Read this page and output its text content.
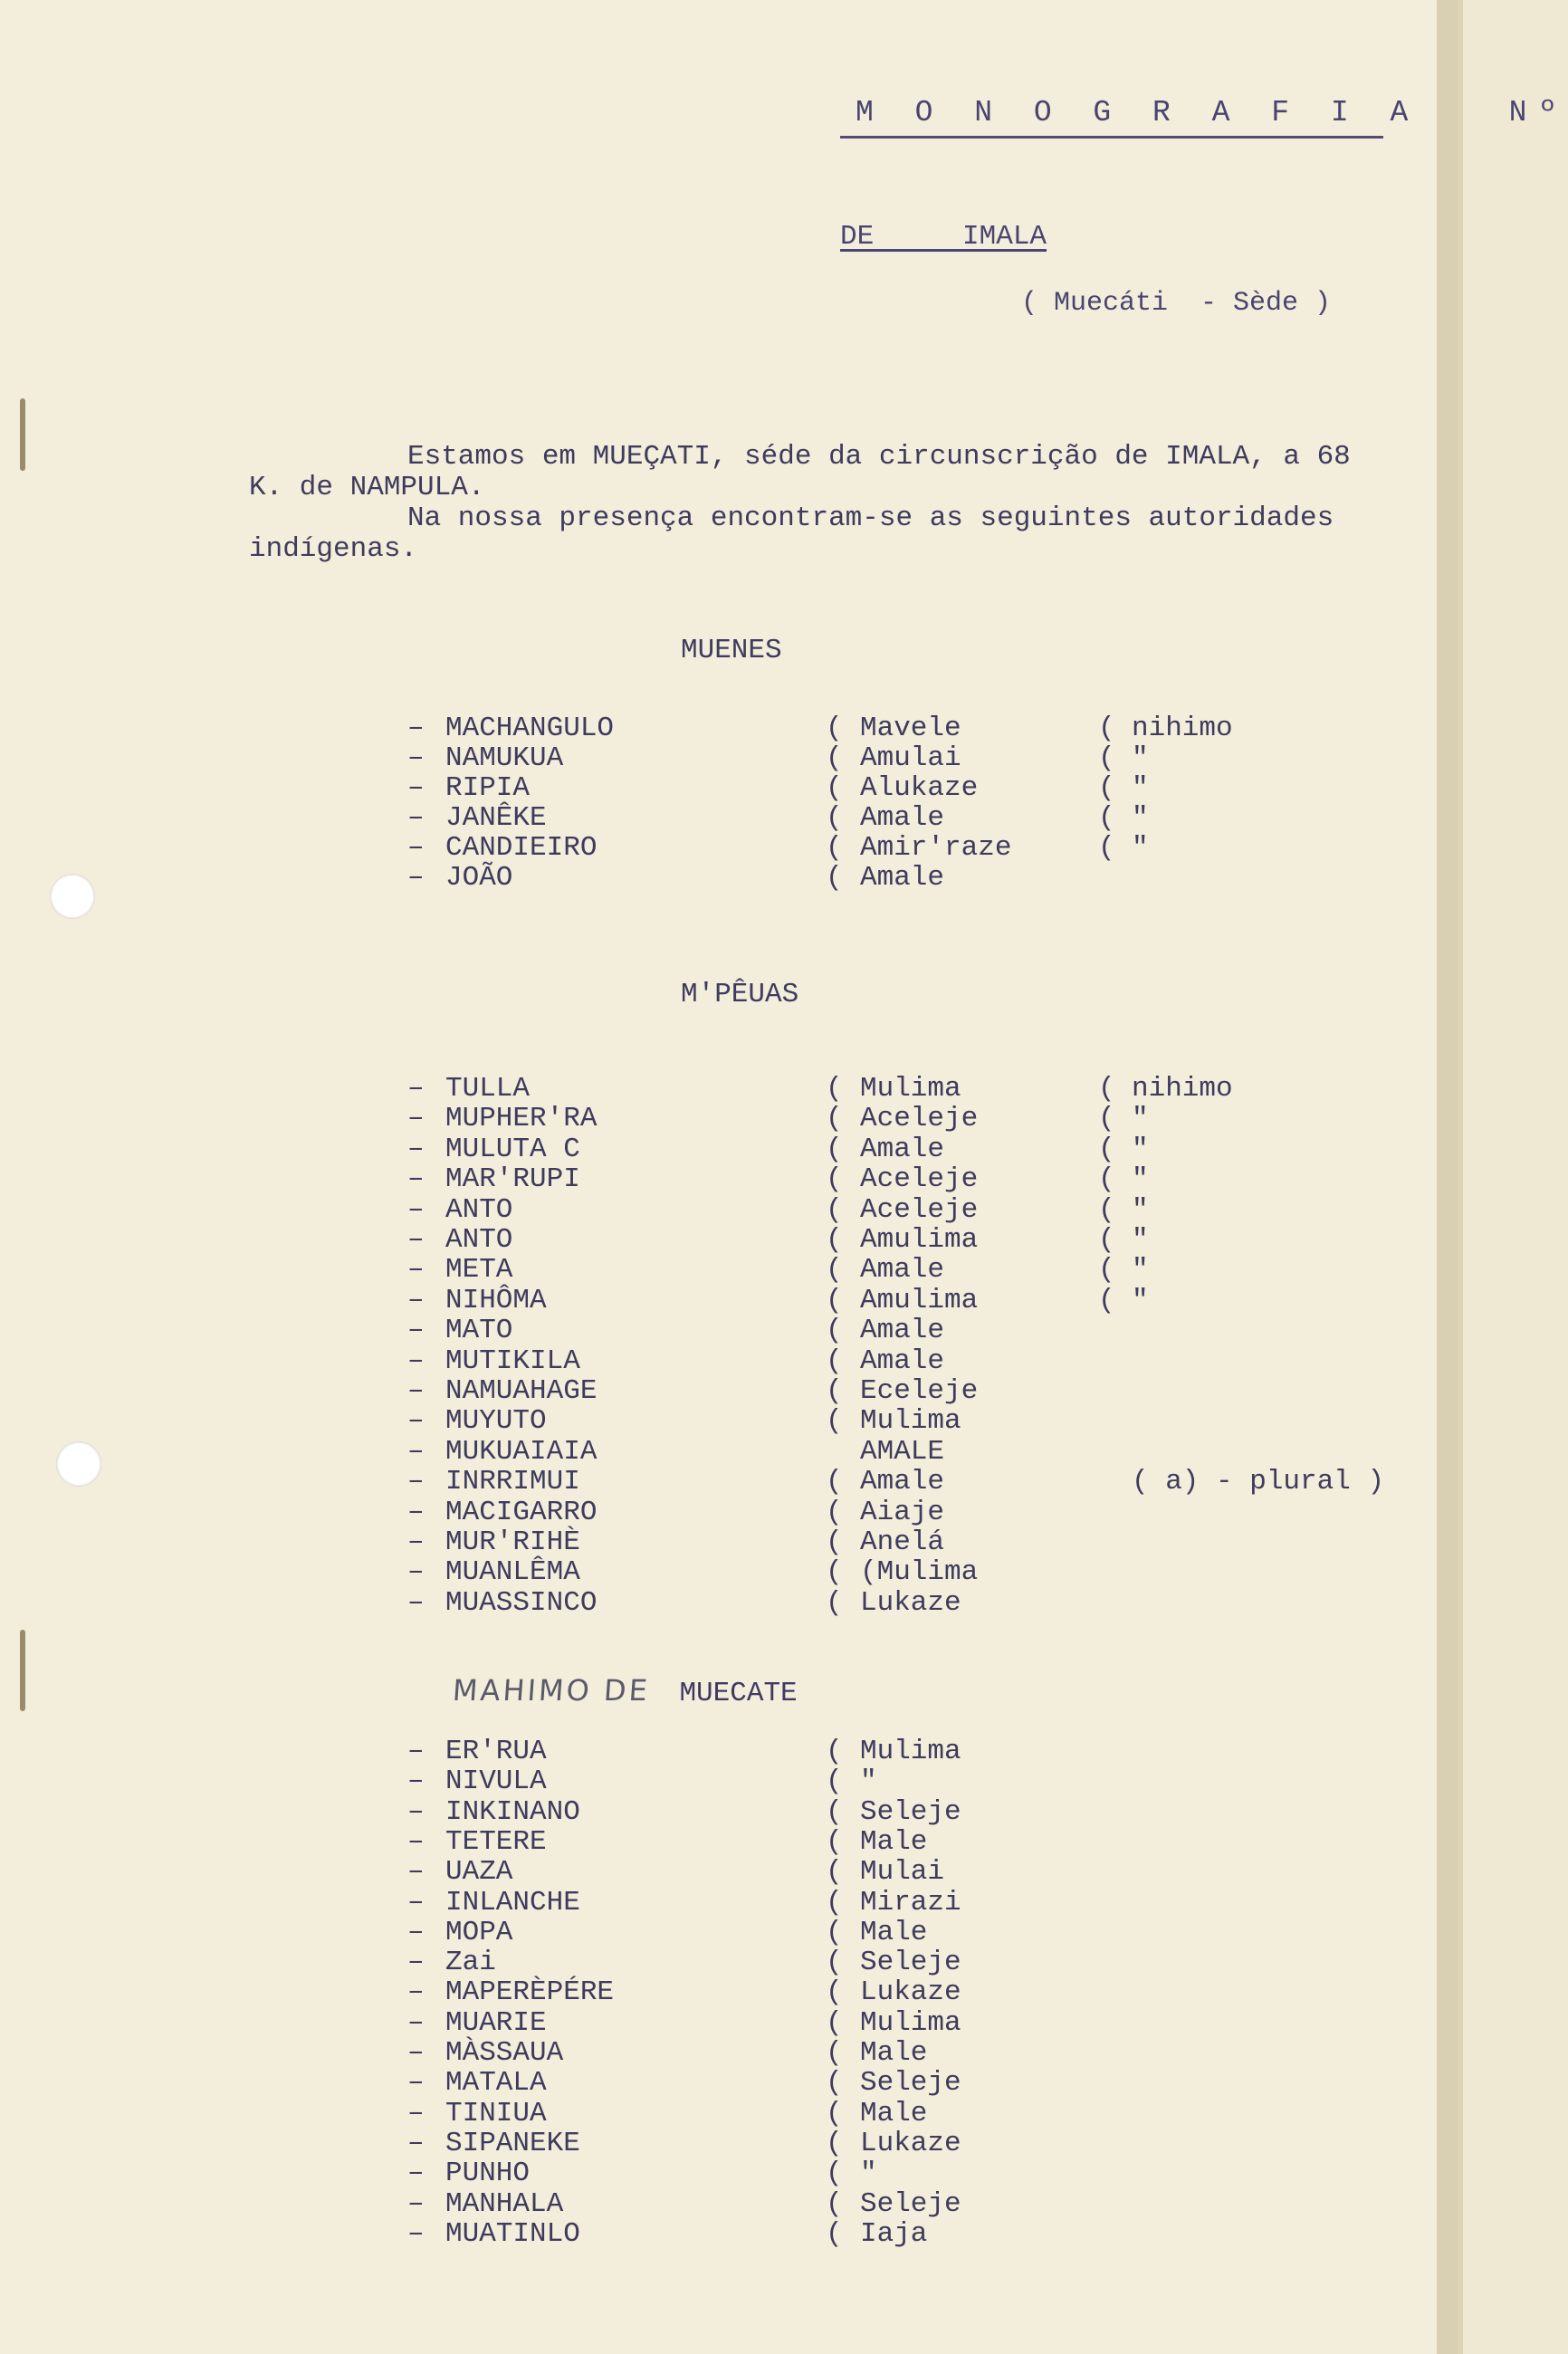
M O N O G R A F I A   Nº
DE   IMALA
( Muecáti  - Sède )
Estamos em MUEÇATI, séde da circunscrição de IMALA, a 68
K. de NAMPULA.
Na nossa presença encontram-se as seguintes autoridades
indígenas.
MUENES
– MACHANGULO	( Mavele	( nihimo
– NAMUKUA	( Amulai	( "
– RIPIA	( Alukaze	( "
– JANÊKE	( Amale	( "
– CANDIEIRO	( Amir'raze	( "
– JOÃO	( Amale
M'PÊUAS
– TULLA	( Mulima	( nihimo
– MUPHER'RA	( Aceleje	( "
– MULUTA C	( Amale	( "
– MAR'RUPI	( Aceleje	( "
– ANTO	( Aceleje	( "
– ANTO	( Amulima	( "
– META	( Amale	( "
– NIHÔMA	( Amulima	( "
– MATO	( Amale
– MUTIKILA	( Amale
– NAMUAHAGE	( Eceleje
– MUYUTO	( Mulima
– MUKUAIAIA	AMALE
– INRRIMUI	( Amale	( a) - plural )
– MACIGARRO	( Aiaje
– MUR'RIHÈ	( Anelá
– MUANLÊMA	( (Mulima
– MUASSINCO	( Lukaze
MAHIMO DE MUECATE
– ER'RUA	( Mulima
– NIVULA	( "
– INKINANO	( Seleje
– TETERE	( Male
– UAZA	( Mulai
– INLANCHE	( Mirazi
– MOPA	( Male
– Zai	( Seleje
– MAPERÈPÉRE	( Lukaze
– MUARIE	( Mulima
– MÀSSAUA	( Male
– MATALA	( Seleje
– TINIUA	( Male
– SIPANEKE	( Lukaze
– PUNHO	( "
– MANHALA	( Seleje
– MUATINLO	( Iaja
